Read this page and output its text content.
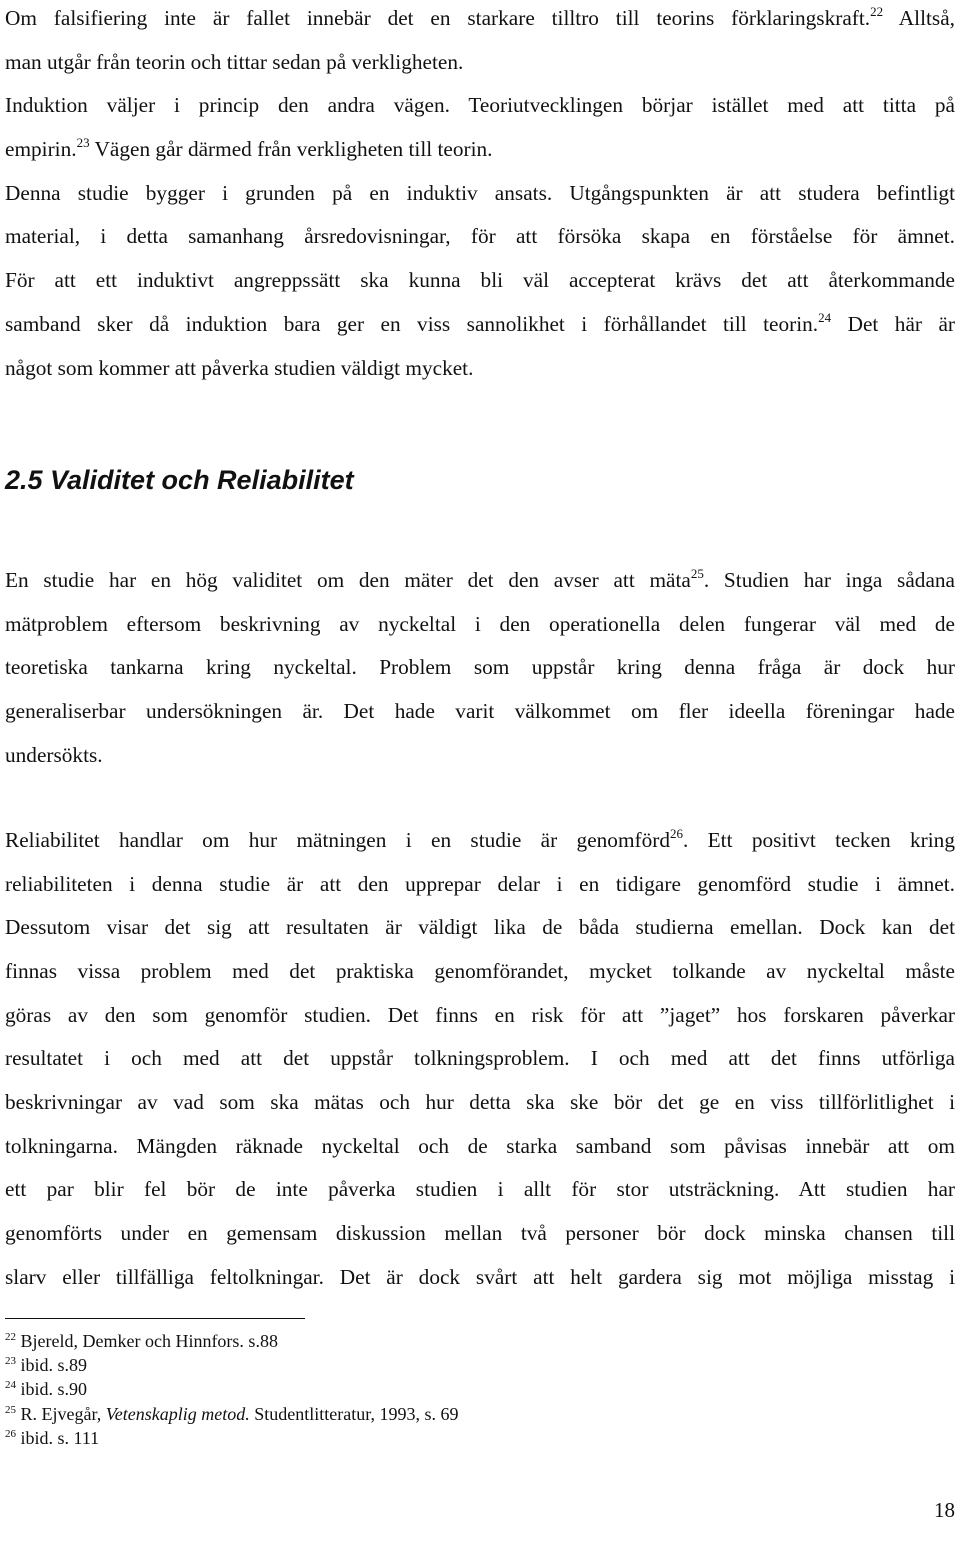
Om falsifiering inte är fallet innebär det en starkare tilltro till teorins förklaringskraft.$^{22}$ Alltså,
man utgår från teorin och tittar sedan på verkligheten.
Induktion väljer i princip den andra vägen. Teoriutvecklingen börjar istället med att titta på
empirin.$^{23}$ Vägen går därmed från verkligheten till teorin.
Denna studie bygger i grunden på en induktiv ansats. Utgångspunkten är att studera befintligt
material, i detta samanhang årsredovisningar, för att försöka skapa en förståelse för ämnet.
För att ett induktivt angreppssätt ska kunna bli väl accepterat krävs det att återkommande
samband sker då induktion bara ger en viss sannolikhet i förhållandet till teorin.$^{24}$ Det här är
något som kommer att påverka studien väldigt mycket.
2.5 Validitet och Reliabilitet
En studie har en hög validitet om den mäter det den avser att mäta$^{25}$. Studien har inga sådana
mätproblem eftersom beskrivning av nyckeltal i den operationella delen fungerar väl med de
teoretiska tankarna kring nyckeltal. Problem som uppstår kring denna fråga är dock hur
generaliserbar undersökningen är. Det hade varit välkommet om fler ideella föreningar hade
undersökts.
Reliabilitet handlar om hur mätningen i en studie är genomförd$^{26}$. Ett positivt tecken kring
reliabiliteten i denna studie är att den upprepar delar i en tidigare genomförd studie i ämnet.
Dessutom visar det sig att resultaten är väldigt lika de båda studierna emellan. Dock kan det
finnas vissa problem med det praktiska genomförandet, mycket tolkande av nyckeltal måste
göras av den som genomför studien. Det finns en risk för att ”jaget” hos forskaren påverkar
resultatet i och med att det uppstår tolkningsproblem. I och med att det finns utförliga
beskrivningar av vad som ska mätas och hur detta ska ske bör det ge en viss tillförlitlighet i
tolkningarna. Mängden räknade nyckeltal och de starka samband som påvisas innebär att om
ett par blir fel bör de inte påverka studien i allt för stor utsträckning. Att studien har
genomförts under en gemensam diskussion mellan två personer bör dock minska chansen till
slarv eller tillfälliga feltolkningar. Det är dock svårt att helt gardera sig mot möjliga misstag i
$^{22}$ Bjereld, Demker och Hinnfors. s.88
$^{23}$ ibid. s.89
$^{24}$ ibid. s.90
$^{25}$ R. Ejvegår, Vetenskaplig metod. Studentlitteratur, 1993, s. 69
$^{26}$ ibid. s. 111
18
